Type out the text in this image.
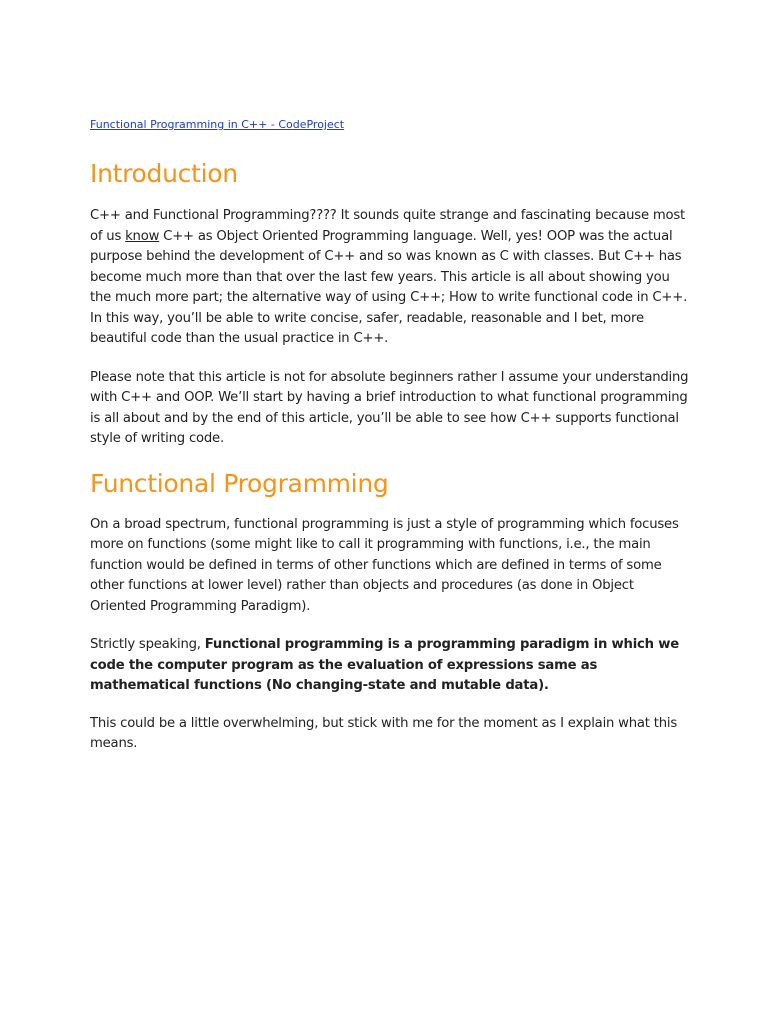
Functional Programming in C++ - CodeProject
Introduction

C++ and Functional Programming???? It sounds quite strange and fascinating because most of us know C++ as Object Oriented Programming language. Well, yes! OOP was the actual purpose behind the development of C++ and so was known as C with classes. But C++ has become much more than that over the last few years. This article is all about showing you the much more part; the alternative way of using C++; How to write functional code in C++. In this way, you’ll be able to write concise, safer, readable, reasonable and I bet, more beautiful code than the usual practice in C++.

Please note that this article is not for absolute beginners rather I assume your understanding with C++ and OOP. We’ll start by having a brief introduction to what functional programming is all about and by the end of this article, you’ll be able to see how C++ supports functional style of writing code.

Functional Programming

On a broad spectrum, functional programming is just a style of programming which focuses more on functions (some might like to call it programming with functions, i.e., the main function would be defined in terms of other functions which are defined in terms of some other functions at lower level) rather than objects and procedures (as done in Object Oriented Programming Paradigm).

Strictly speaking, Functional programming is a programming paradigm in which we code the computer program as the evaluation of expressions same as mathematical functions (No changing-state and mutable data).

This could be a little overwhelming, but stick with me for the moment as I explain what this means.
